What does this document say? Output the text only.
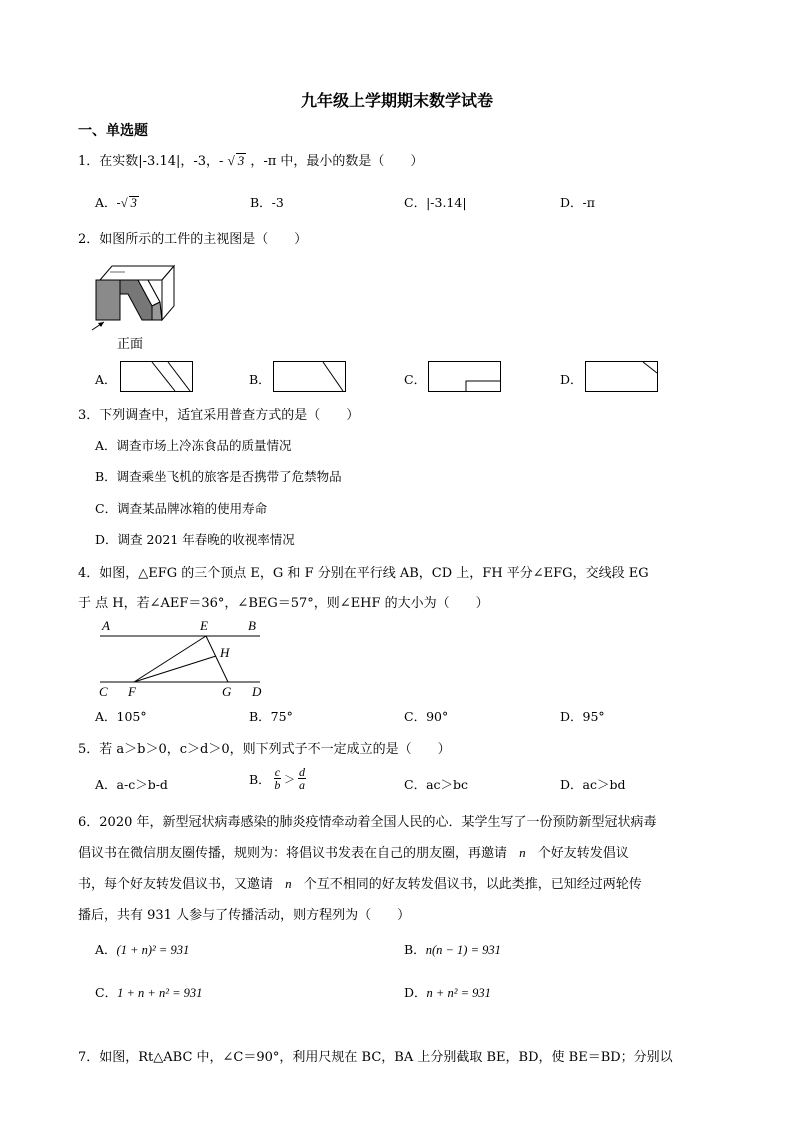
九年级上学期期末数学试卷
一、单选题
1．在实数|-3.14|，-3，- √ 3 ，-π 中，最小的数是（　　）
A．-√ 3	B．-3	C．|-3.14|	D．-π
2．如图所示的工件的主视图是（　　）
正面
A．	B．	C．	D．
3．下列调查中，适宜采用普查方式的是（　　）
A．调查市场上冷冻食品的质量情况
B．调查乘坐飞机的旅客是否携带了危禁物品
C．调查某品牌冰箱的使用寿命
D．调查 2021 年春晚的收视率情况
4．如图，△EFG 的三个顶点 E，G 和 F 分别在平行线 AB，CD 上，FH 平分∠EFG，交线段 EG
于 点 H，若∠AEF＝36°，∠BEG＝57°，则∠EHF 的大小为（　　）
A	E	B
H
C F	G D
A．105°	B．75°	C．90°	D．95°
5．若 a＞b＞0，c＞d＞0，则下列式子不一定成立的是（　　）
A．a-c＞b-d	B． $\frac{c}{b} > \frac{d}{a}$	C．ac＞bc	D．ac＞bd
6．2020 年，新型冠状病毒感染的肺炎疫情牵动着全国人民的心．某学生写了一份预防新型冠状病毒
倡议书在微信朋友圈传播，规则为：将倡议书发表在自己的朋友圈，再邀请 n 个好友转发倡议
书，每个好友转发倡议书，又邀请 n 个互不相同的好友转发倡议书，以此类推，已知经过两轮传
播后，共有 931 人参与了传播活动，则方程列为（　　）
A．(1 + n)² = 931	B．n(n − 1) = 931
C．1 + n + n² = 931	D．n + n² = 931
7．如图，Rt△ABC 中，∠C＝90°，利用尺规在 BC，BA 上分别截取 BE，BD，使 BE＝BD；分别以
